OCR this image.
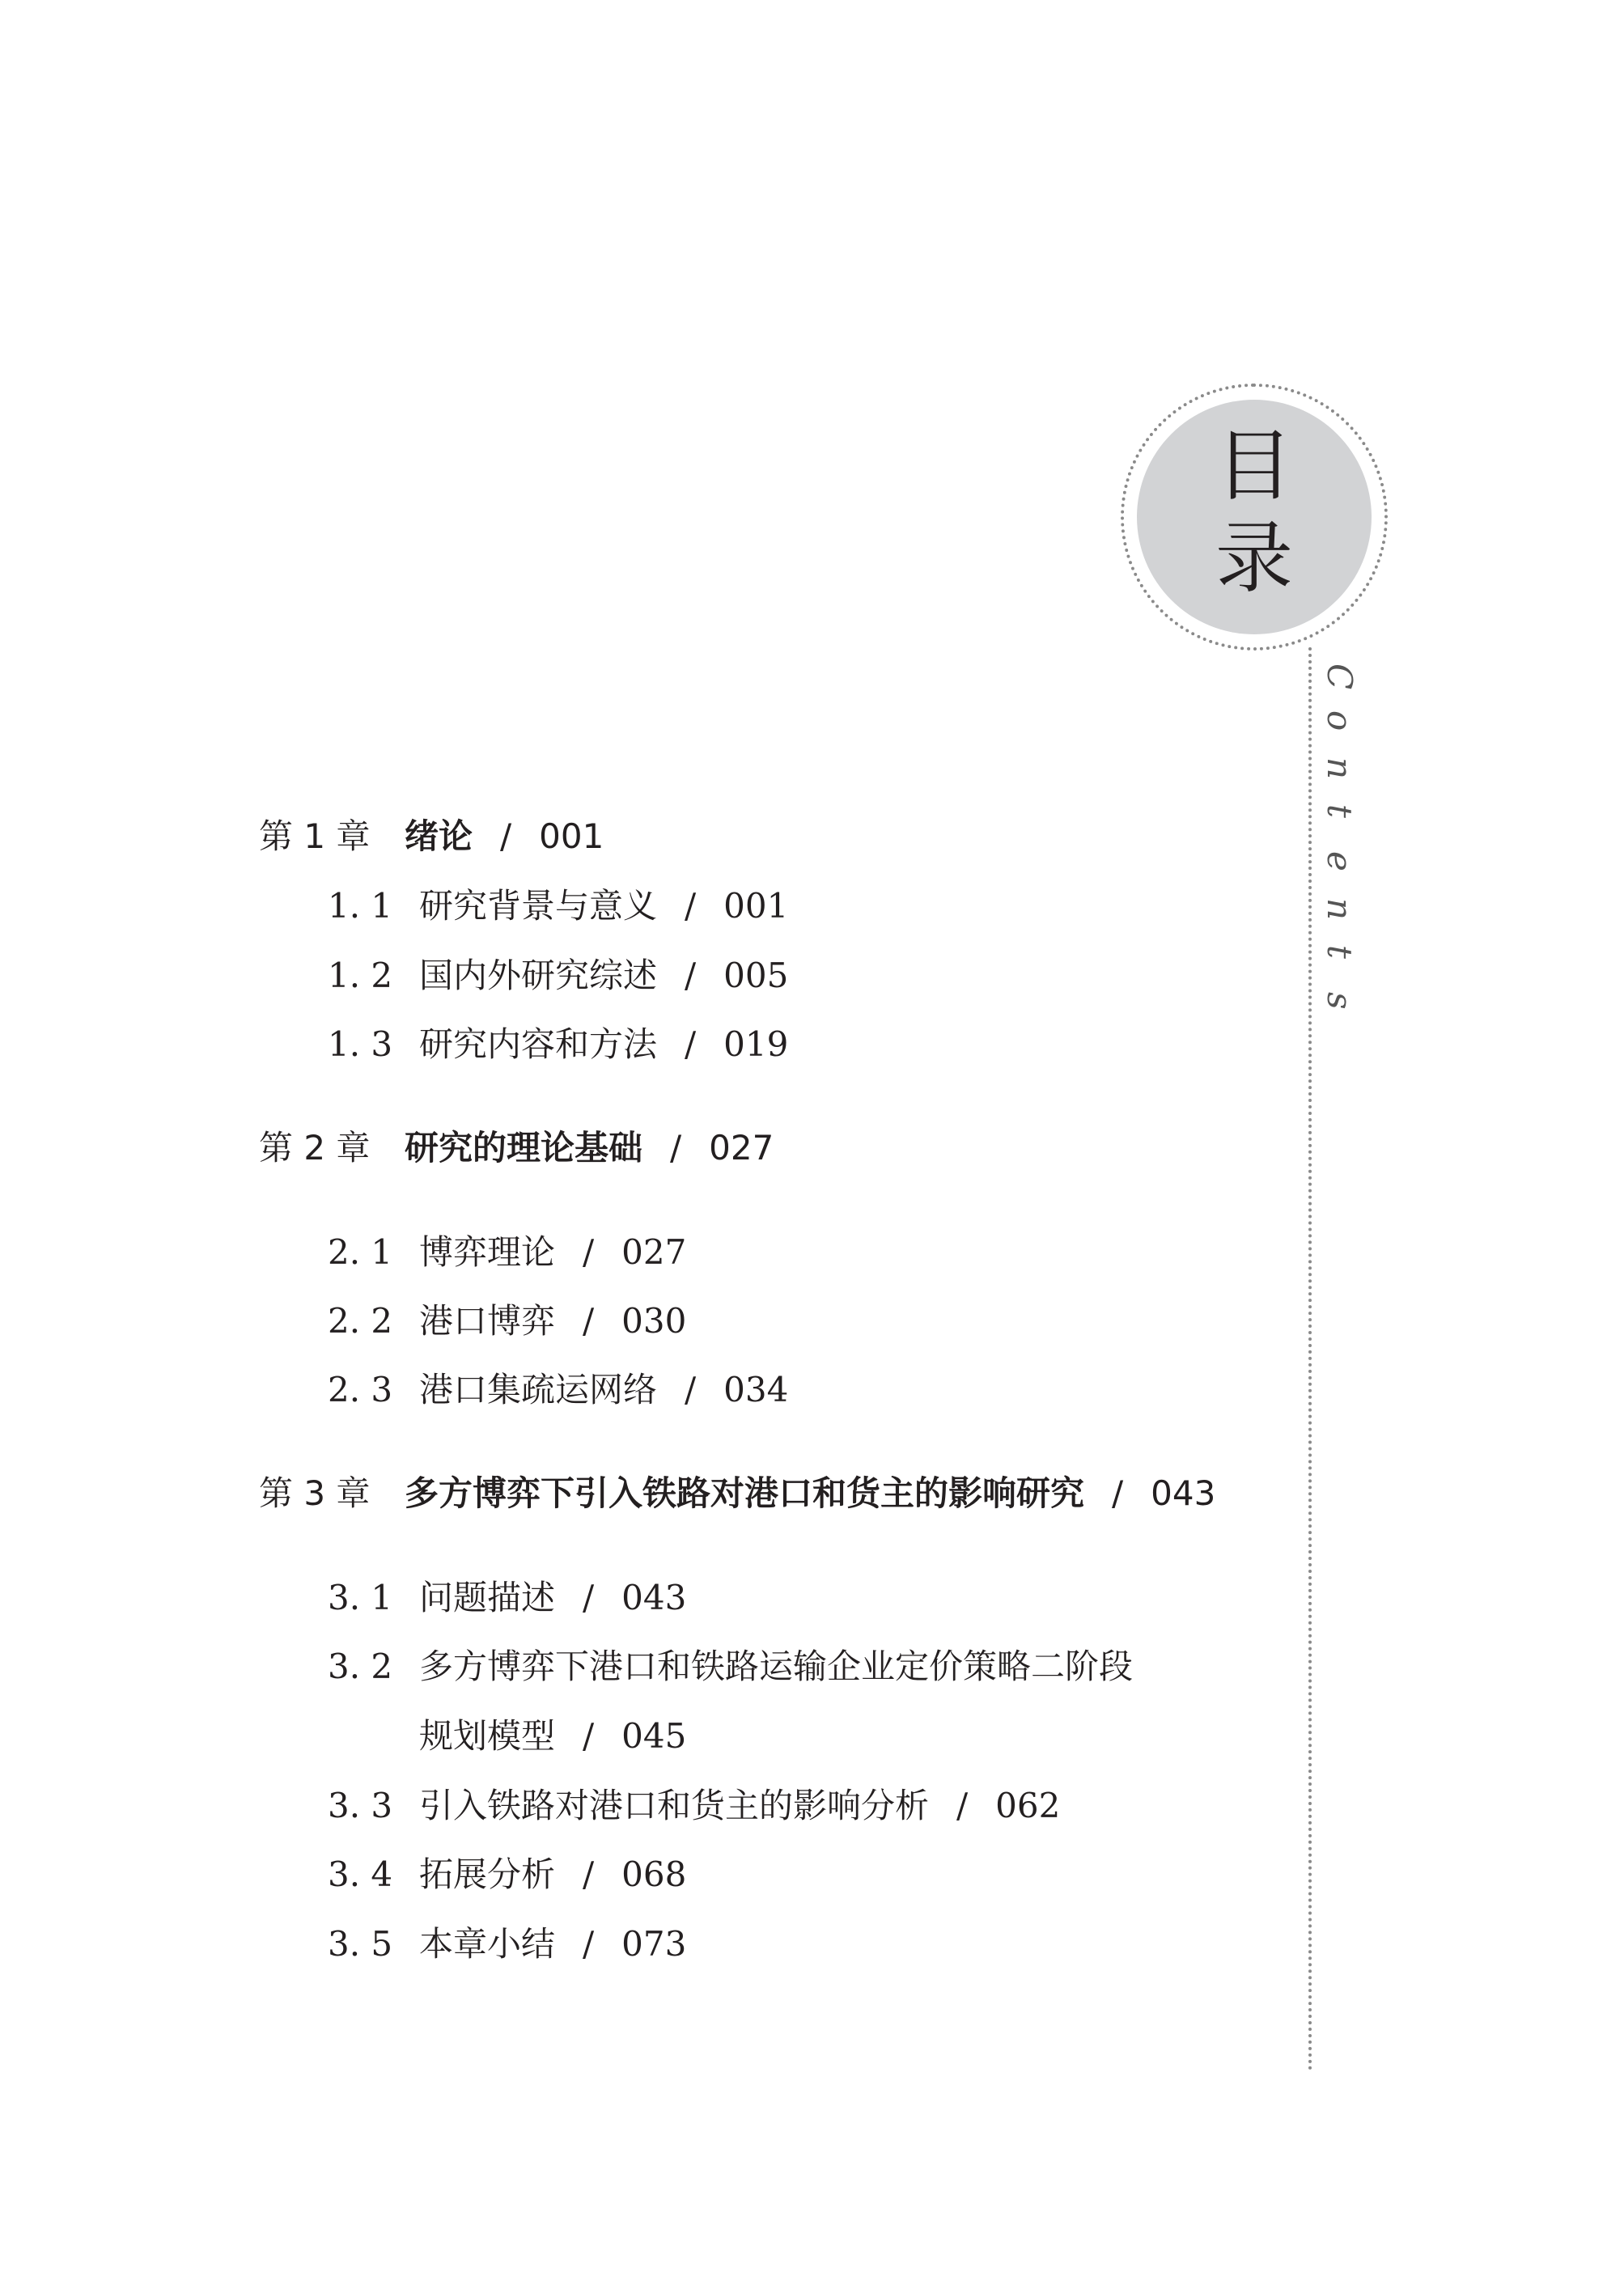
目
录
C
o
n
t
e
n
t
s
第 1 章 绪论 / 001
1. 1 研究背景与意义 / 001
1. 2 国内外研究综述 / 005
1. 3 研究内容和方法 / 019
第 2 章 研究的理论基础 / 027
2. 1 博弈理论 / 027
2. 2 港口博弈 / 030
2. 3 港口集疏运网络 / 034
第 3 章 多方博弈下引入铁路对港口和货主的影响研究 / 043
3. 1 问题描述 / 043
3. 2 多方博弈下港口和铁路运输企业定价策略二阶段
规划模型 / 045
3. 3 引入铁路对港口和货主的影响分析 / 062
3. 4 拓展分析 / 068
3. 5 本章小结 / 073
